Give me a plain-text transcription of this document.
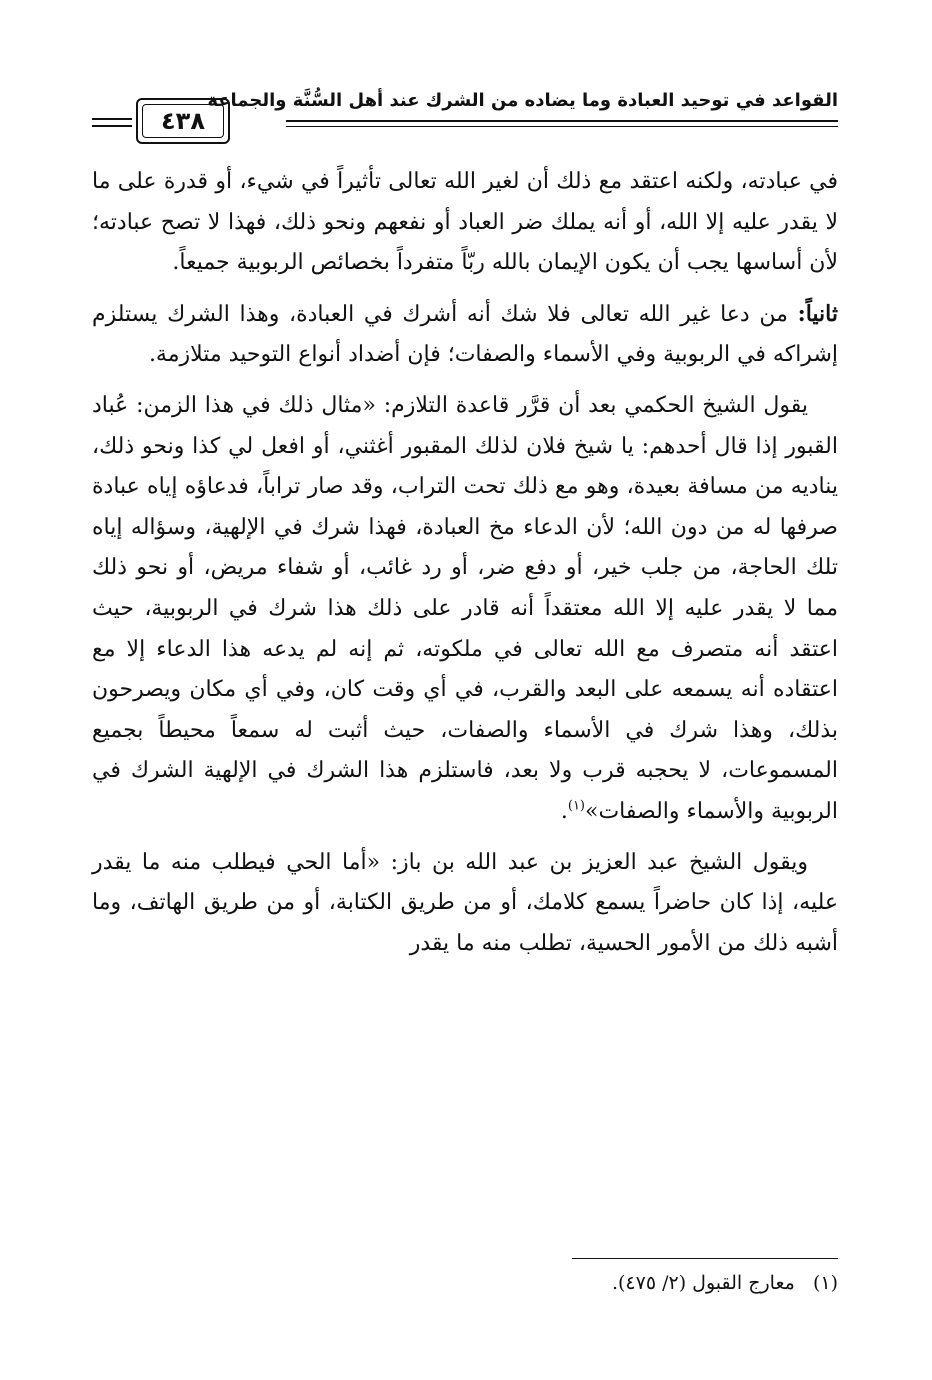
القواعد في توحيد العبادة وما يضاده من الشرك عند أهل السُّنَّة والجماعة
٤٣٨

في عبادته، ولكنه اعتقد مع ذلك أن لغير الله تعالى تأثيراً في شيء، أو قدرة على ما لا يقدر عليه إلا الله، أو أنه يملك ضر العباد أو نفعهم ونحو ذلك، فهذا لا تصح عبادته؛ لأن أساسها يجب أن يكون الإيمان بالله ربّاً متفرداً بخصائص الربوبية جميعاً.

ثانياً: من دعا غير الله تعالى فلا شك أنه أشرك في العبادة، وهذا الشرك يستلزم إشراكه في الربوبية وفي الأسماء والصفات؛ فإن أضداد أنواع التوحيد متلازمة.

يقول الشيخ الحكمي بعد أن قرَّر قاعدة التلازم: «مثال ذلك في هذا الزمن: عُباد القبور إذا قال أحدهم: يا شيخ فلان لذلك المقبور أغثني، أو افعل لي كذا ونحو ذلك، يناديه من مسافة بعيدة، وهو مع ذلك تحت التراب، وقد صار تراباً، فدعاؤه إياه عبادة صرفها له من دون الله؛ لأن الدعاء مخ العبادة، فهذا شرك في الإلهية، وسؤاله إياه تلك الحاجة، من جلب خير، أو دفع ضر، أو رد غائب، أو شفاء مريض، أو نحو ذلك مما لا يقدر عليه إلا الله معتقداً أنه قادر على ذلك هذا شرك في الربوبية، حيث اعتقد أنه متصرف مع الله تعالى في ملكوته، ثم إنه لم يدعه هذا الدعاء إلا مع اعتقاده أنه يسمعه على البعد والقرب، في أي وقت كان، وفي أي مكان ويصرحون بذلك، وهذا شرك في الأسماء والصفات، حيث أثبت له سمعاً محيطاً بجميع المسموعات، لا يحجبه قرب ولا بعد، فاستلزم هذا الشرك في الإلهية الشرك في الربوبية والأسماء والصفات»$^{(١)}$.

ويقول الشيخ عبد العزيز بن عبد الله بن باز: «أما الحي فيطلب منه ما يقدر عليه، إذا كان حاضراً يسمع كلامك، أو من طريق الكتابة، أو من طريق الهاتف، وما أشبه ذلك من الأمور الحسية، تطلب منه ما يقدر

(١)   معارج القبول (٢/ ٤٧٥).
